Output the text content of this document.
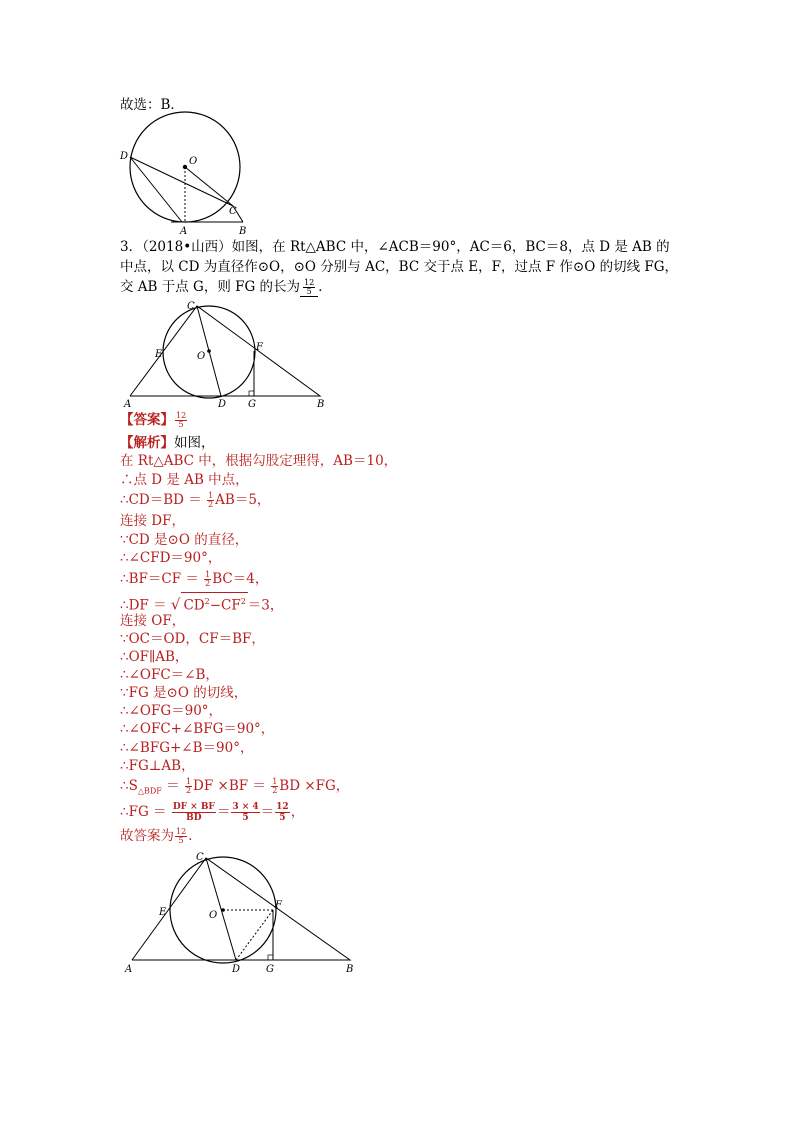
故选：B．
D	O
C
A	B
3．（2018•山西）如图，在 Rt△ABC 中，∠ACB＝90°，AC＝6，BC＝8，点 D 是 AB 的
中点，以 CD 为直径作⊙O，⊙O 分别与 AC，BC 交于点 E，F，过点 F 作⊙O 的切线 FG，
交 AB 于点 G，则 FG 的长为 $\frac{12}{5}$ ．
C
E	O
F
A	D G	B
【答案】 $\frac{12}{5}$
【解析】如图，
在 Rt△ABC 中，根据勾股定理得，AB＝10，
∴点 D 是 AB 中点，
∴CD＝BD ＝ $\frac{1}{2} AB=5$，
连接 DF，
∵CD 是⊙O 的直径，
∴∠CFD＝90°，
∴BF＝CF ＝ $\frac{1}{2} BC=4$，
∴DF ＝ √ $CD^2-CF^2 =3$，
连接 OF，
∵OC＝OD，CF＝BF，
∴OF∥AB，
∴∠OFC＝∠B，
∵FG 是⊙O 的切线，
∴∠OFG＝90°，
∴∠OFC+∠BFG＝90°，
∴∠BFG+∠B＝90°，
∴FG⊥AB，
$\therefore S_{\triangle BDF} = \frac{1}{2}$ DF $\times BF = \frac{1}{2}$ BD ×FG，
∴FG ＝ $\frac{DF \times BF}{BD} = \frac{3 \times 4}{5} = \frac{12}{5}$ ，
故答案为 $\frac{12}{5}$ ．
C
E	O
F
A	D	G	B
